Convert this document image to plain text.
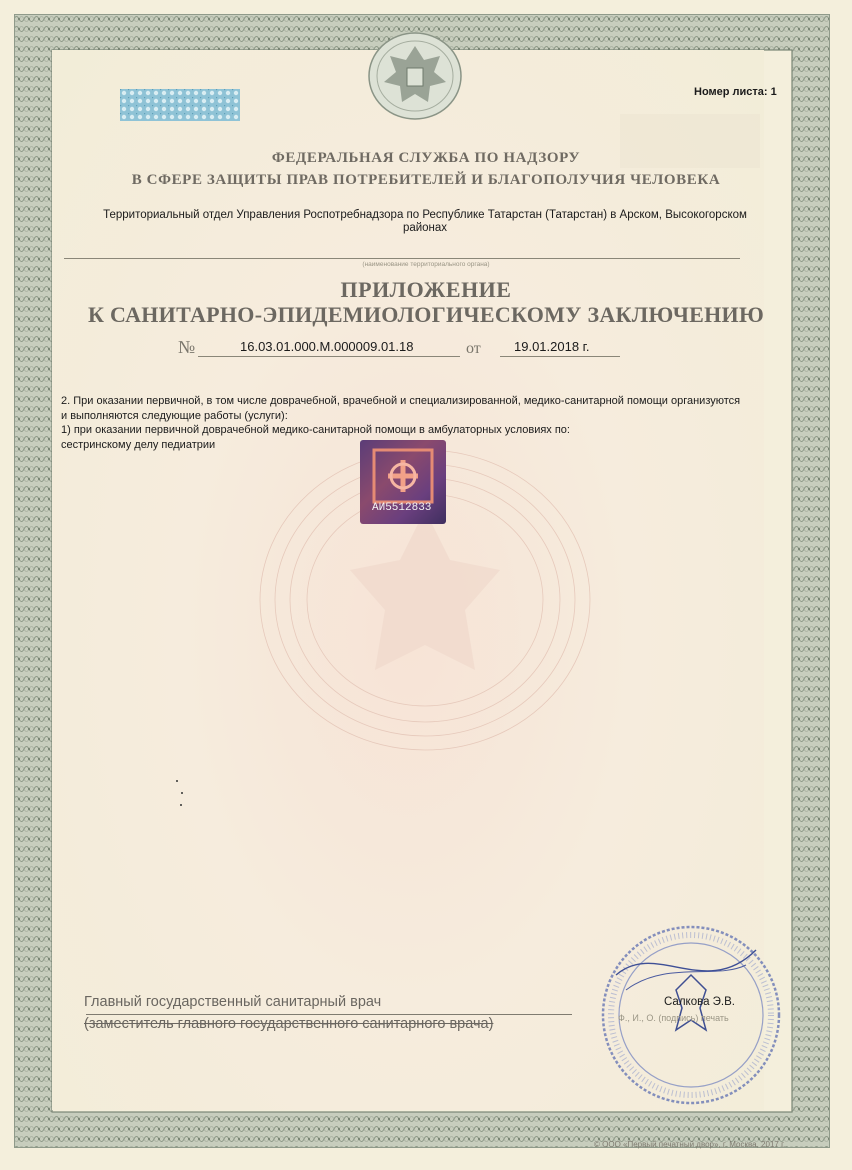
Номер листа: 1
ФЕДЕРАЛЬНАЯ СЛУЖБА ПО НАДЗОРУ
В СФЕРЕ ЗАЩИТЫ ПРАВ ПОТРЕБИТЕЛЕЙ И БЛАГОПОЛУЧИЯ ЧЕЛОВЕКА
Территориальный отдел Управления Роспотребнадзора по Республике Татарстан (Татарстан) в Арском, Высокогорском
районах
(наименование территориального органа)
ПРИЛОЖЕНИЕ
К САНИТАРНО-ЭПИДЕМИОЛОГИЧЕСКОМУ ЗАКЛЮЧЕНИЮ
№	16.03.01.000.М.000009.01.18	от	19.01.2018 г.
2. При оказании первичной, в том числе доврачебной, врачебной и специализированной, медико-санитарной помощи организуются
и выполняются следующие работы (услуги):
1) при оказании первичной доврачебной медико-санитарной помощи в амбулаторных условиях по:
сестринскому делу педиатрии
AИ5512833
Главный государственный санитарный врач
(заместитель главного государственного санитарного врача)
Салкова Э.В.
Ф., И., О. (подпись) печать
© ООО «Первый печатный двор», г. Москва, 2017 г.
